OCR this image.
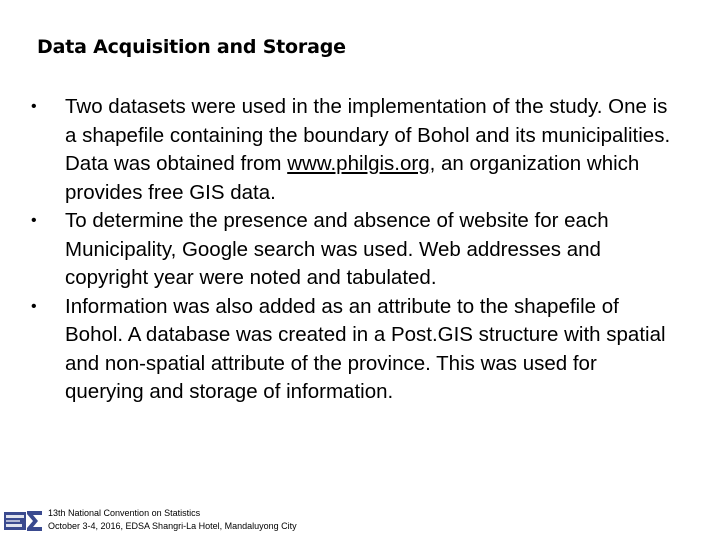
Data Acquisition and Storage
•	Two datasets were used in the implementation of the study. One is a shapefile containing the boundary of Bohol and its municipalities. Data was obtained from www.philgis.org, an organization which provides free GIS data.
•	To determine the presence and absence of website for each Municipality, Google search was used. Web addresses and copyright year were noted and tabulated.
•	Information was also added as an attribute to the shapefile of Bohol. A database was created in a Post.GIS structure with spatial and non-spatial attribute of the province. This was used for querying and storage of information.
13th National Convention on Statistics
October 3-4, 2016, EDSA Shangri-La Hotel, Mandaluyong City
